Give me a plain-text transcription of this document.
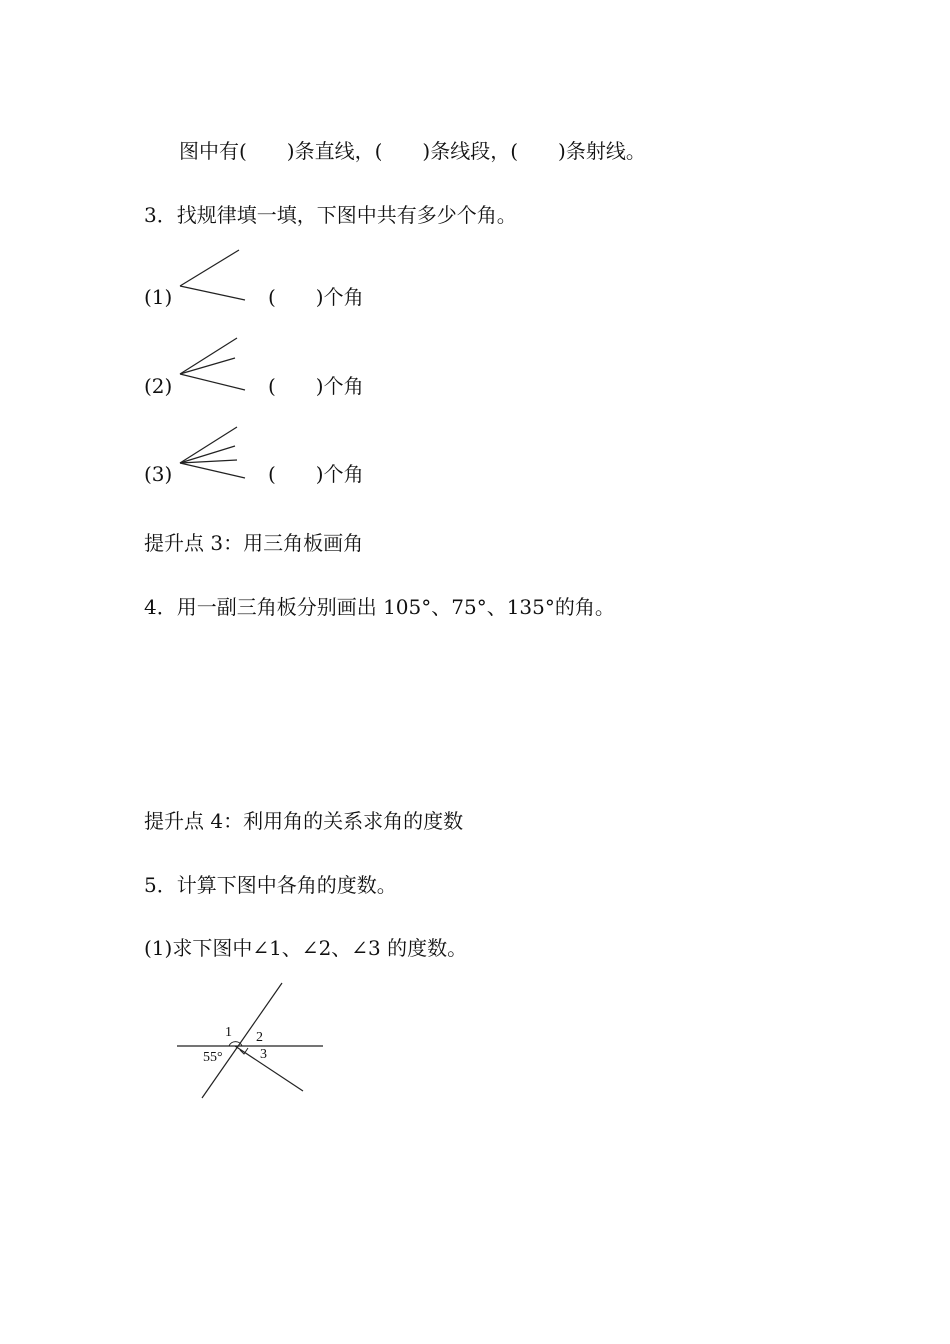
图中有(　　)条直线，(　　)条线段，(　　)条射线。
3．找规律填一填，下图中共有多少个角。
(1)	(　　)个角
(2)	(　　)个角
(3)	(　　)个角
提升点 3：用三角板画角
4．用一副三角板分别画出 105°、75°、135°的角。
提升点 4：利用角的关系求角的度数
5．计算下图中各角的度数。
(1)求下图中∠1、∠2、∠3 的度数。
1 2
3
55°
